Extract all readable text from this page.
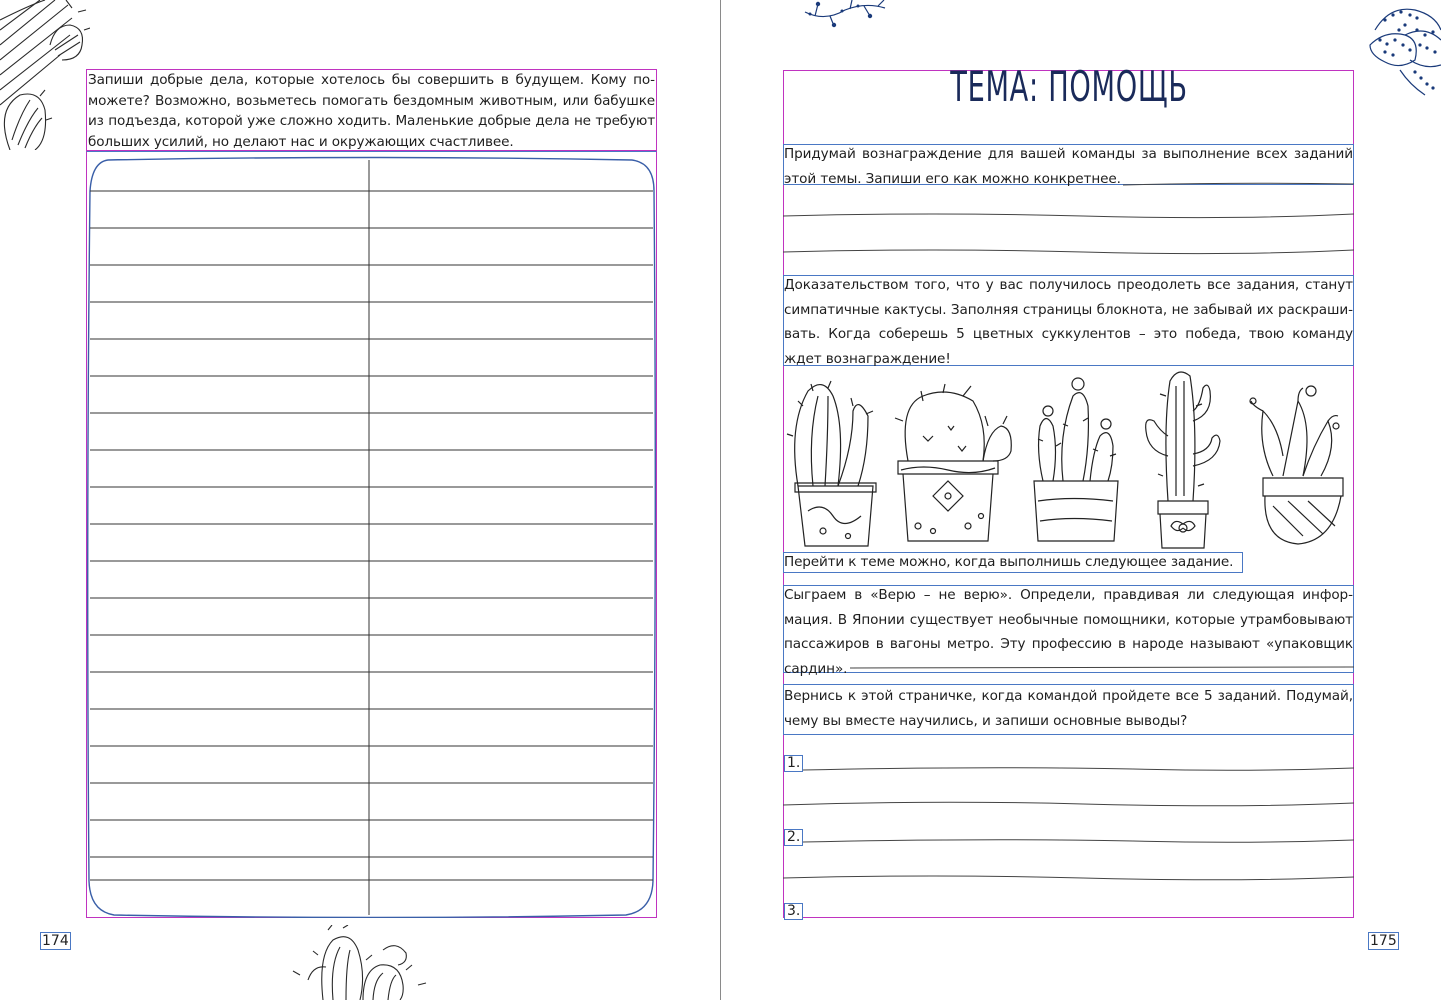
Запиши добрые дела, которые хотелось бы совершить в будущем. Кому поможете? Возможно, возьметесь помогать бездомным животным, или бабушке из подъезда, которой уже сложно ходить. Маленькие добрые дела не требуют больших усилий, но делают нас и окружающих счастливее.

174
ТЕМА: ПОМОЩЬ

Придумай вознаграждение для вашей команды за выполнение всех заданий этой темы. Запиши его как можно конкретнее.

Доказательством того, что у вас получилось преодолеть все задания, станут симпатичные кактусы. Заполняя страницы блокнота, не забывай их раскрашивать. Когда соберешь 5 цветных суккулентов – это победа, твою команду ждет вознаграждение!

Перейти к теме можно, когда выполнишь следующее задание.

Сыграем в «Верю – не верю». Определи, правдивая ли следующая информация. В Японии существует необычные помощники, которые утрамбовывают пассажиров в вагоны метро. Эту профессию в народе называют «упаковщик сардин».

Вернись к этой страничке, когда командой пройдете все 5 заданий. Подумай, чему вы вместе научились, и запиши основные выводы?

1.
2.
3.
175
